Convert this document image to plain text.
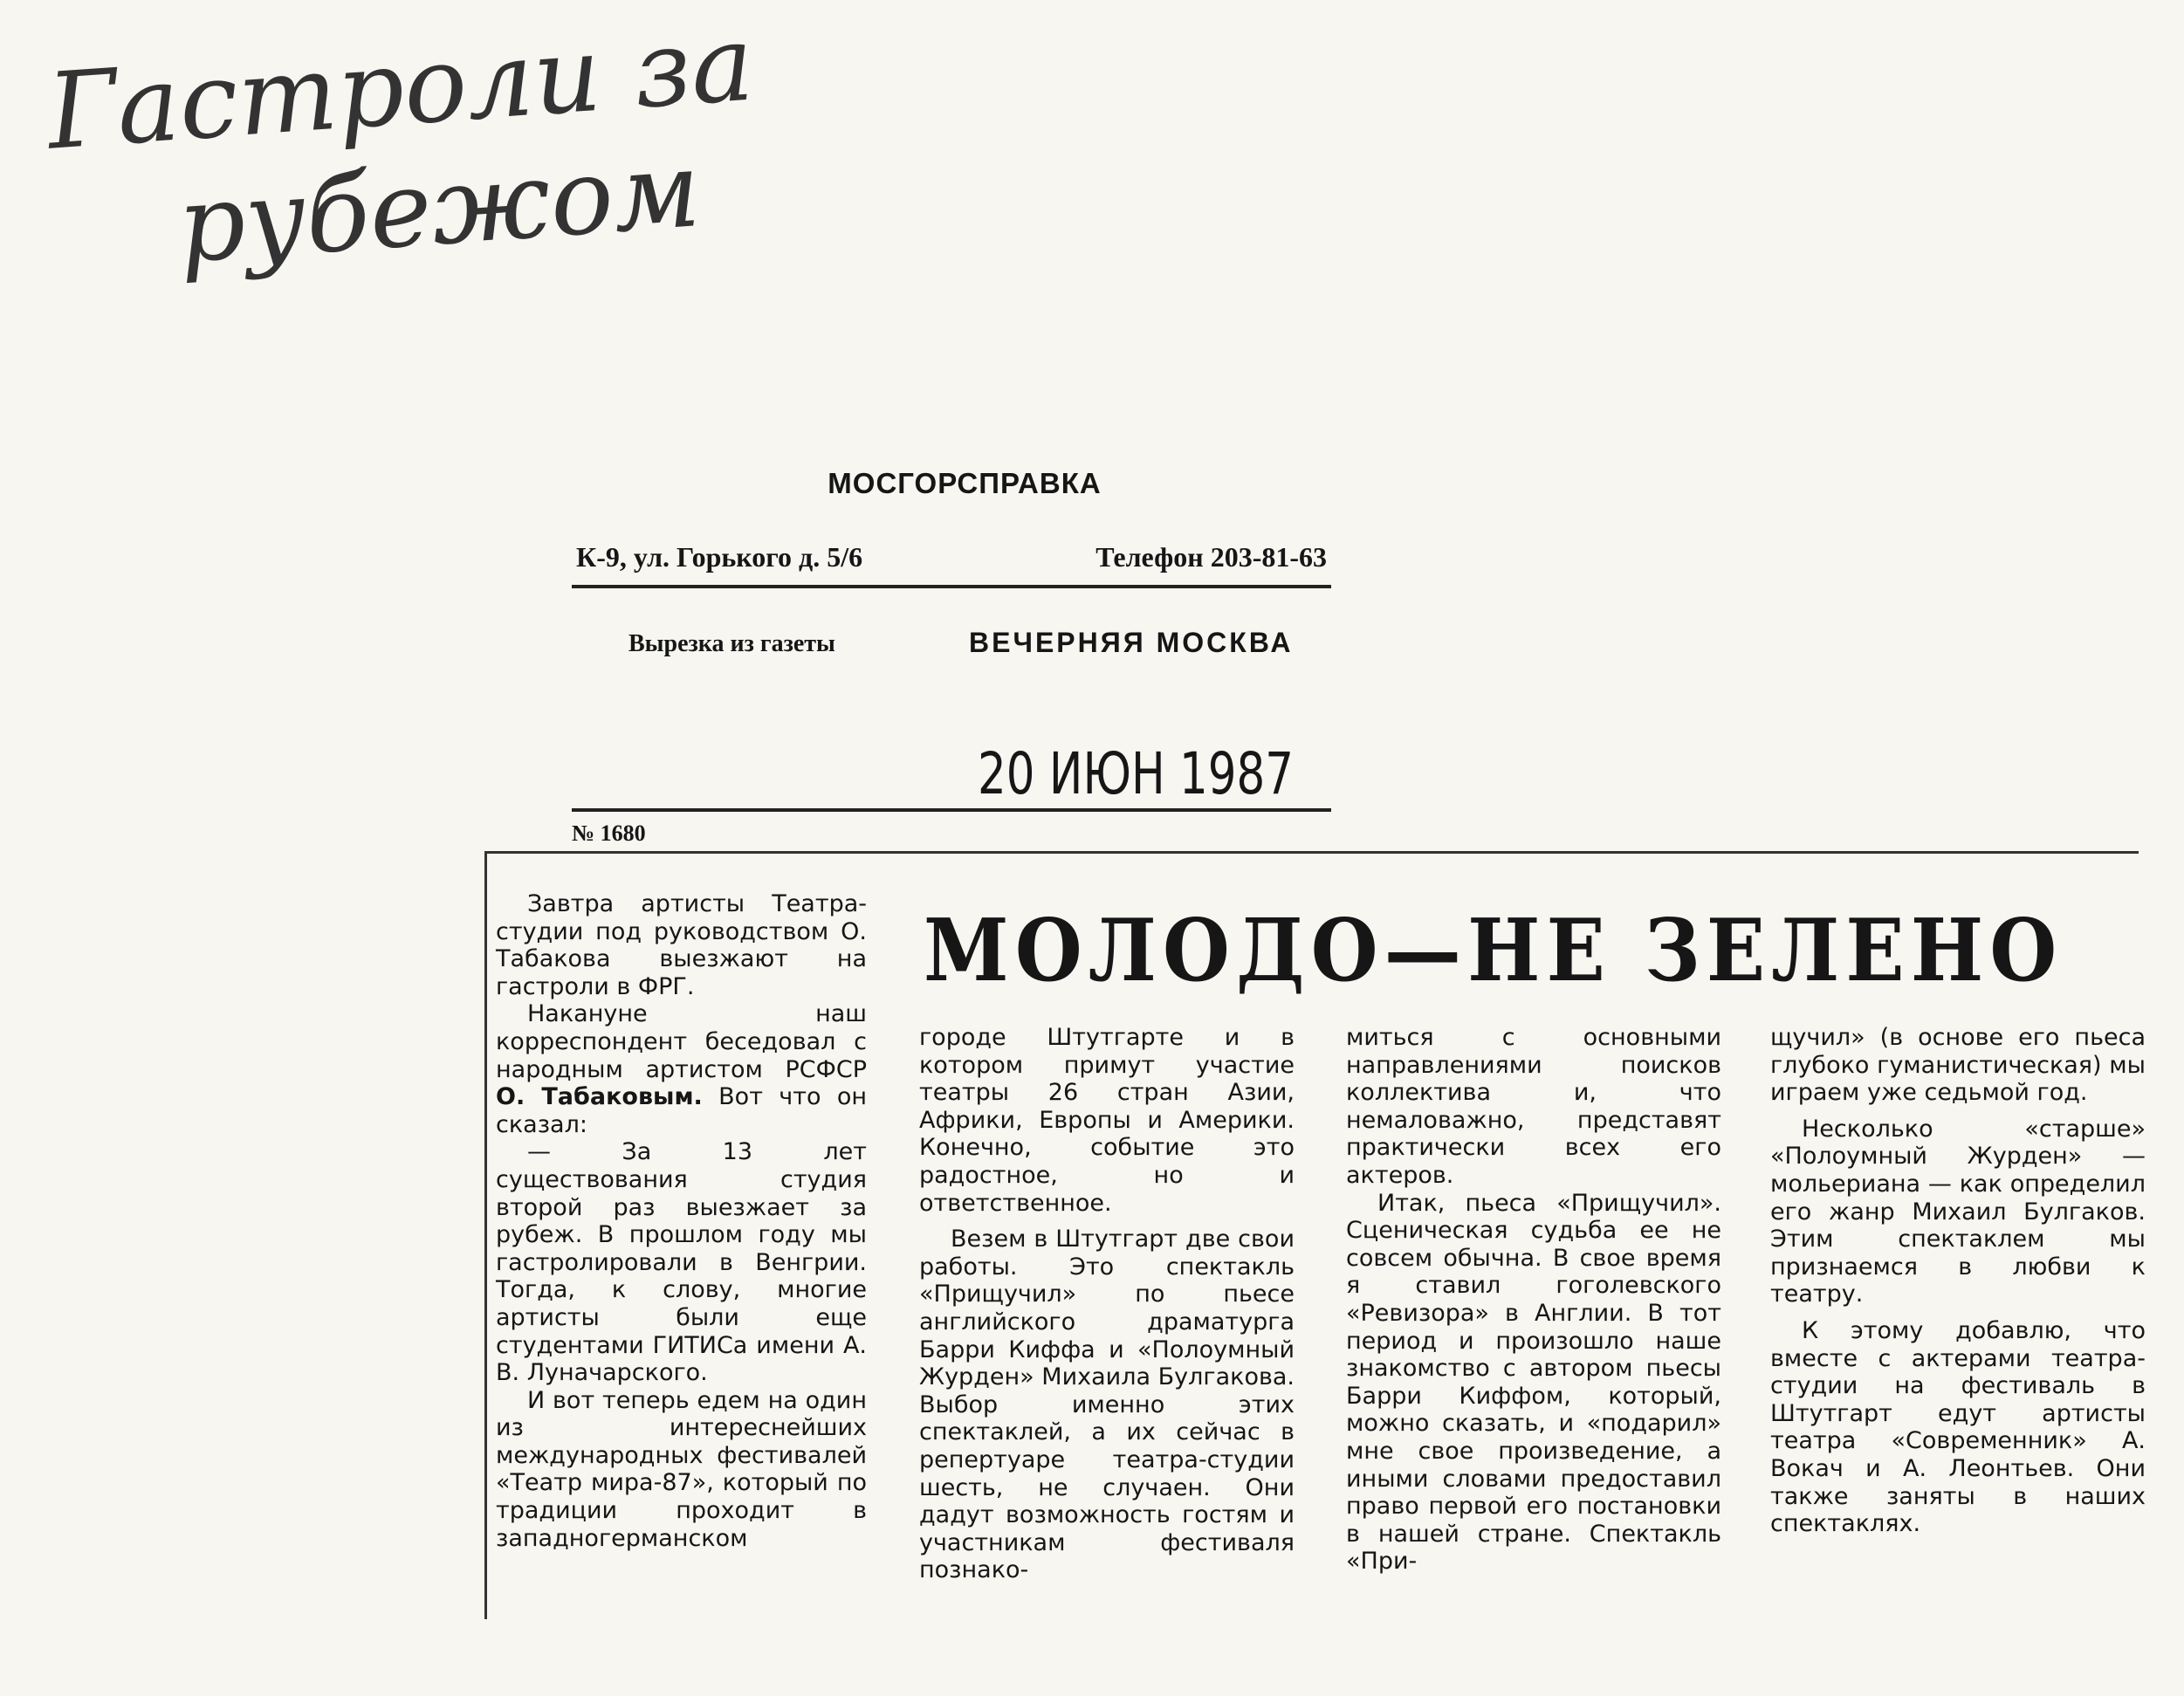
Гастроли за
рубежом
МОСГОРСПРАВКА
К-9, ул. Горького д. 5/6	Телефон 203-81-63
Вырезка из газеты	ВЕЧЕРНЯЯ МОСКВА
20 ИЮН 1987
№ 1680
МОЛОДО—НЕ ЗЕЛЕНО

Завтра артисты Театра-студии под руководством О. Табакова выезжают на гастроли в ФРГ.

Накануне наш корреспондент беседовал с народным артистом РСФСР О. Табаковым. Вот что он сказал:

— За 13 лет существования студия второй раз выезжает за рубеж. В прошлом году мы гастролировали в Венгрии. Тогда, к слову, многие артисты были еще студентами ГИТИСа имени А. В. Луначарского.

И вот теперь едем на один из интереснейших международных фестивалей «Театр мира-87», который по традиции проходит в западногерманском

городе Штутгарте и в котором примут участие театры 26 стран Азии, Африки, Европы и Америки. Конечно, событие это радостное, но и ответственное.

Везем в Штутгарт две свои работы. Это спектакль «Прищучил» по пьесе английского драматурга Барри Киффа и «Полоумный Журден» Михаила Булгакова. Выбор именно этих спектаклей, а их сейчас в репертуаре театра-студии шесть, не случаен. Они дадут возможность гостям и участникам фестиваля познако-

миться с основными направлениями поисков коллектива и, что немаловажно, представят практически всех его актеров.

Итак, пьеса «Прищучил». Сценическая судьба ее не совсем обычна. В свое время я ставил гоголевского «Ревизора» в Англии. В тот период и произошло наше знакомство с автором пьесы Барри Киффом, который, можно сказать, и «подарил» мне свое произведение, а иными словами предоставил право первой его постановки в нашей стране. Спектакль «При-

щучил» (в основе его пьеса глубоко гуманистическая) мы играем уже седьмой год.

Несколько «старше» «Полоумный Журден» — мольериана — как определил его жанр Михаил Булгаков. Этим спектаклем мы признаемся в любви к театру.

К этому добавлю, что вместе с актерами театра-студии на фестиваль в Штутгарт едут артисты театра «Современник» А. Вокач и А. Леонтьев. Они также заняты в наших спектаклях.
